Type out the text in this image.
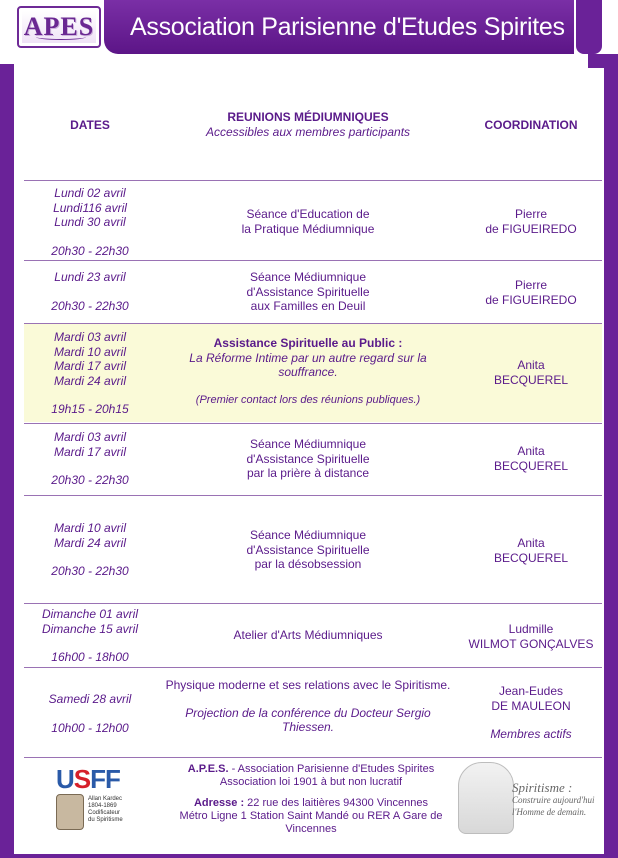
APES Association Parisienne d'Etudes Spirites
DATES
REUNIONS MÉDIUMNIQUES
Accessibles aux membres participants	COORDINATION
Lundi 02 avril
Lundi116 avril
Lundi 30 avril
20h30 - 22h30
Séance d'Education de
la Pratique Médiumnique
Pierre
de FIGUEIREDO
Lundi 23 avril
20h30 - 22h30
Séance Médiumnique
d'Assistance Spirituelle
aux Familles en Deuil
Pierre
de FIGUEIREDO
Mardi 03 avril
Mardi 10 avril
Mardi 17 avril
Mardi 24 avril
19h15 - 20h15
Assistance Spirituelle au Public :
La Réforme Intime par un autre regard sur la
souffrance.
(Premier contact lors des réunions publiques.)
Anita
BECQUEREL
Mardi 03 avril
Mardi 17 avril
20h30 - 22h30
Séance Médiumnique
d'Assistance Spirituelle
par la prière à distance
Anita
BECQUEREL
Mardi 10 avril
Mardi 24 avril
20h30 - 22h30
Séance Médiumnique
d'Assistance Spirituelle
par la désobsession
Anita
BECQUEREL
Dimanche 01 avril
Dimanche 15 avril
16h00 - 18h00
Atelier d'Arts Médiumniques	Ludmille
WILMOT GONÇALVES
Samedi 28 avril
10h00 - 12h00
Physique moderne et ses relations avec le Spiritisme.
Projection de la conférence du Docteur Sergio
Thiessen.
Jean-Eudes
DE MAULEON
Membres actifs
USFF
Allan Kardec
1804-1869
Codificateur
du Spiritisme
A.P.E.S. - Association Parisienne d'Etudes Spirites
Association loi 1901 à but non lucratif
Adresse : 22 rue des laitières 94300 Vincennes
Métro Ligne 1 Station Saint Mandé ou RER A Gare de Vincennes
Spiritisme :
Construire aujourd'hui
l'Homme de demain.
